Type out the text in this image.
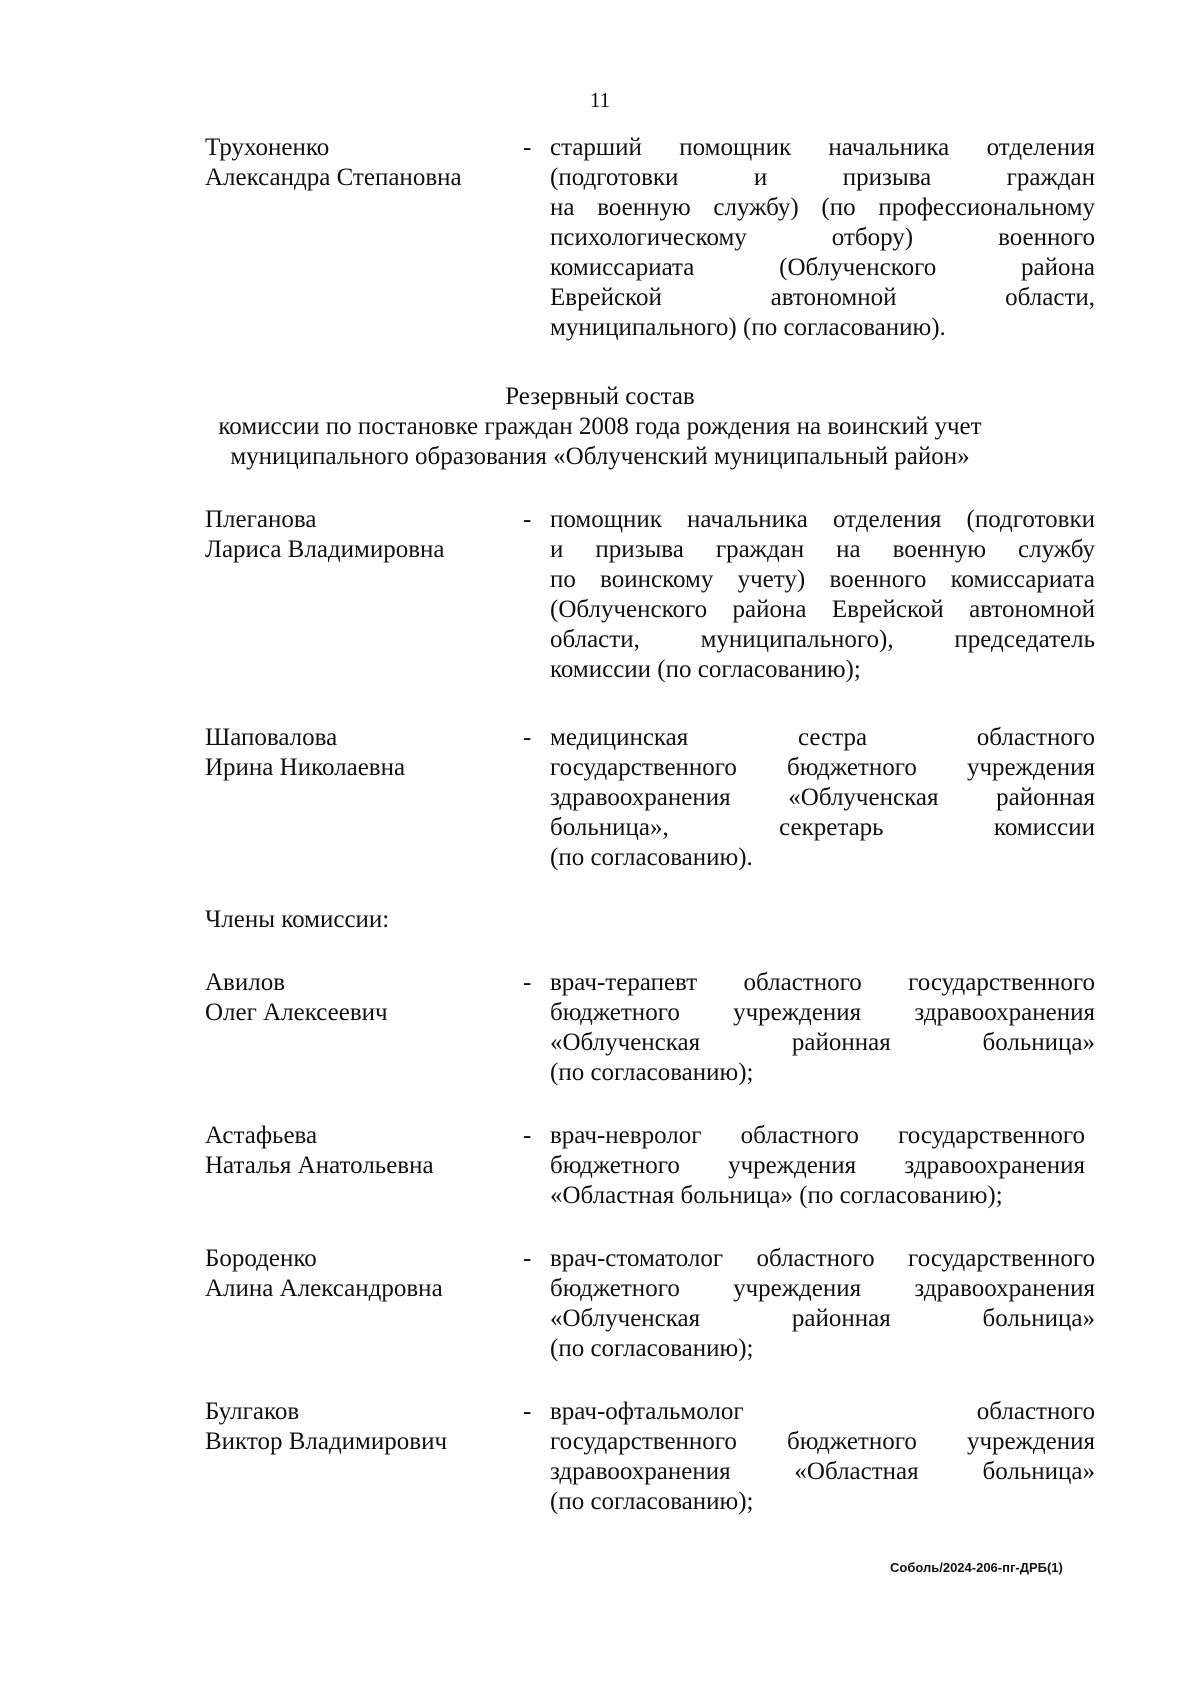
11
Трухоненко
Александра Степановна
- старший помощник начальника отделения
(подготовки и призыва граждан
на военную службу) (по профессиональному
психологическому отбору) военного
комиссариата (Облученского района
Еврейской автономной области,
муниципального) (по согласованию).
Резервный состав
комиссии по постановке граждан 2008 года рождения на воинский учет
муниципального образования «Облученский муниципальный район»
Плеганова
Лариса Владимировна
- помощник начальника отделения (подготовки
и призыва граждан на военную службу
по воинскому учету) военного комиссариата
(Облученского района Еврейской автономной
области, муниципального), председатель
комиссии (по согласованию);
Шаповалова
Ирина Николаевна
- медицинская сестра областного
государственного бюджетного учреждения
здравоохранения «Облученская районная
больница», секретарь комиссии
(по согласованию).
Члены комиссии:
Авилов
Олег Алексеевич
- врач-терапевт областного государственного
бюджетного учреждения здравоохранения
«Облученская районная больница»
(по согласованию);
Астафьева
Наталья Анатольевна
- врач-невролог областного государственного
бюджетного учреждения здравоохранения
«Областная больница» (по согласованию);
Бороденко
Алина Александровна
- врач-стоматолог областного государственного
бюджетного учреждения здравоохранения
«Облученская районная больница»
(по согласованию);
Булгаков
Виктор Владимирович
- врач-офтальмолог областного
государственного бюджетного учреждения
здравоохранения «Областная больница»
(по согласованию);
Соболь/2024-206-пг-ДРБ(1)
